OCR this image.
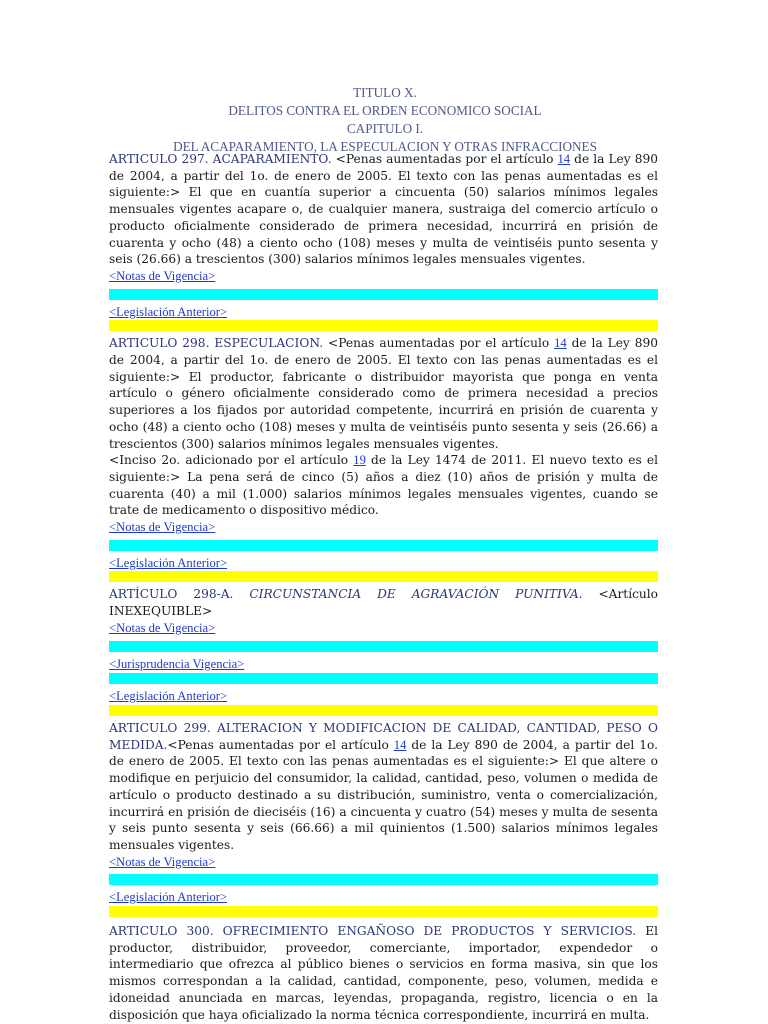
TITULO X.
DELITOS CONTRA EL ORDEN ECONOMICO SOCIAL
CAPITULO I.
DEL ACAPARAMIENTO, LA ESPECULACION Y OTRAS INFRACCIONES

ARTICULO 297. ACAPARAMIENTO. <Penas aumentadas por el artículo 14 de la Ley 890 de 2004, a partir del 1o. de enero de 2005. El texto con las penas aumentadas es el siguiente:> El que en cuantía superior a cincuenta (50) salarios mínimos legales mensuales vigentes acapare o, de cualquier manera, sustraiga del comercio artículo o producto oficialmente considerado de primera necesidad, incurrirá en prisión de cuarenta y ocho (48) a ciento ocho (108) meses y multa de veintiséis punto sesenta y seis (26.66) a trescientos (300) salarios mínimos legales mensuales vigentes.

<Notas de Vigencia>
<Legislación Anterior>

ARTICULO 298. ESPECULACION. <Penas aumentadas por el artículo 14 de la Ley 890 de 2004, a partir del 1o. de enero de 2005. El texto con las penas aumentadas es el siguiente:> El productor, fabricante o distribuidor mayorista que ponga en venta artículo o género oficialmente considerado como de primera necesidad a precios superiores a los fijados por autoridad competente, incurrirá en prisión de cuarenta y ocho (48) a ciento ocho (108) meses y multa de veintiséis punto sesenta y seis (26.66) a trescientos (300) salarios mínimos legales mensuales vigentes.

<Inciso 2o. adicionado por el artículo 19 de la Ley 1474 de 2011. El nuevo texto es el siguiente:> La pena será de cinco (5) años a diez (10) años de prisión y multa de cuarenta (40) a mil (1.000) salarios mínimos legales mensuales vigentes, cuando se trate de medicamento o dispositivo médico.

<Notas de Vigencia>
<Legislación Anterior>

ARTÍCULO 298-A. CIRCUNSTANCIA DE AGRAVACIÓN PUNITIVA. <Artículo INEXEQUIBLE>

<Notas de Vigencia>
<Jurisprudencia Vigencia>
<Legislación Anterior>

ARTICULO 299. ALTERACION Y MODIFICACION DE CALIDAD, CANTIDAD, PESO O MEDIDA.<Penas aumentadas por el artículo 14 de la Ley 890 de 2004, a partir del 1o. de enero de 2005. El texto con las penas aumentadas es el siguiente:> El que altere o modifique en perjuicio del consumidor, la calidad, cantidad, peso, volumen o medida de artículo o producto destinado a su distribución, suministro, venta o comercialización, incurrirá en prisión de dieciséis (16) a cincuenta y cuatro (54) meses y multa de sesenta y seis punto sesenta y seis (66.66) a mil quinientos (1.500) salarios mínimos legales mensuales vigentes.

<Notas de Vigencia>
<Legislación Anterior>

ARTICULO 300. OFRECIMIENTO ENGAÑOSO DE PRODUCTOS Y SERVICIOS. El productor, distribuidor, proveedor, comerciante, importador, expendedor o intermediario que ofrezca al público bienes o servicios en forma masiva, sin que los mismos correspondan a la calidad, cantidad, componente, peso, volumen, medida e idoneidad anunciada en marcas, leyendas, propaganda, registro, licencia o en la disposición que haya oficializado la norma técnica correspondiente, incurrirá en multa.
